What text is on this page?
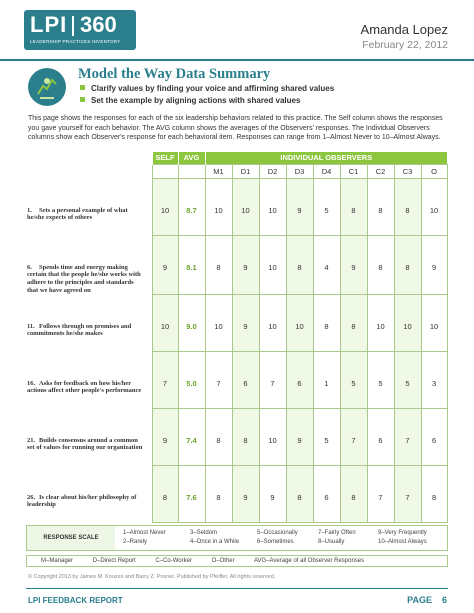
LPI 360
LEADERSHIP PRACTICES INVENTORY
Amanda Lopez
February 22, 2012
Model the Way Data Summary
Clarify values by finding your voice and affirming shared values
Set the example by aligning actions with shared values
This page shows the responses for each of the six leadership behaviors related to this practice. The Self column shows the responses you gave yourself for each behavior. The AVG column shows the averages of the Observers' responses. The Individual Observers columns show each Observer's response for each behavioral item. Responses can range from 1–Almost Never to 10–Almost Always.
	SELF	AVG	INDIVIDUAL OBSERVERS								
			M1	D1	D2	D3	D4	C1	C2	C3	O
1. Sets a personal example of what he/she expects of others	10	8.7	10	10	10	9	5	8	8	8	10
6. Spends time and energy making certain that the people he/she works with adhere to the principles and standards that we have agreed on	9	8.1	8	9	10	8	4	9	8	8	9
11. Follows through on promises and commitments he/she makes	10	9.0	10	9	10	10	8	8	10	10	10
16. Asks for feedback on how his/her actions affect other people's performance	7	5.0	7	6	7	6	1	5	5	5	3
21. Builds consensus around a common set of values for running our organization	9	7.4	8	8	10	9	5	7	6	7	6
26. Is clear about his/her philosophy of leadership	8	7.6	8	9	9	8	6	8	7	7	8
RESPONSE SCALE
1–Almost Never
2–Rarely
3–Seldom
4–Once in a While
5–Occasionally
6–Sometimes
7–Fairly Often
8–Usually
9–Very Frequently
10–Almost Always
M–Manager	D–Direct Report	C–Co-Worker	O–Other	AVG–Average of all Observer Responses
© Copyright 2013 by James M. Kouzes and Barry Z. Posner. Published by Pfeiffer. All rights reserved.
LPI FEEDBACK REPORT	PAGE 6
